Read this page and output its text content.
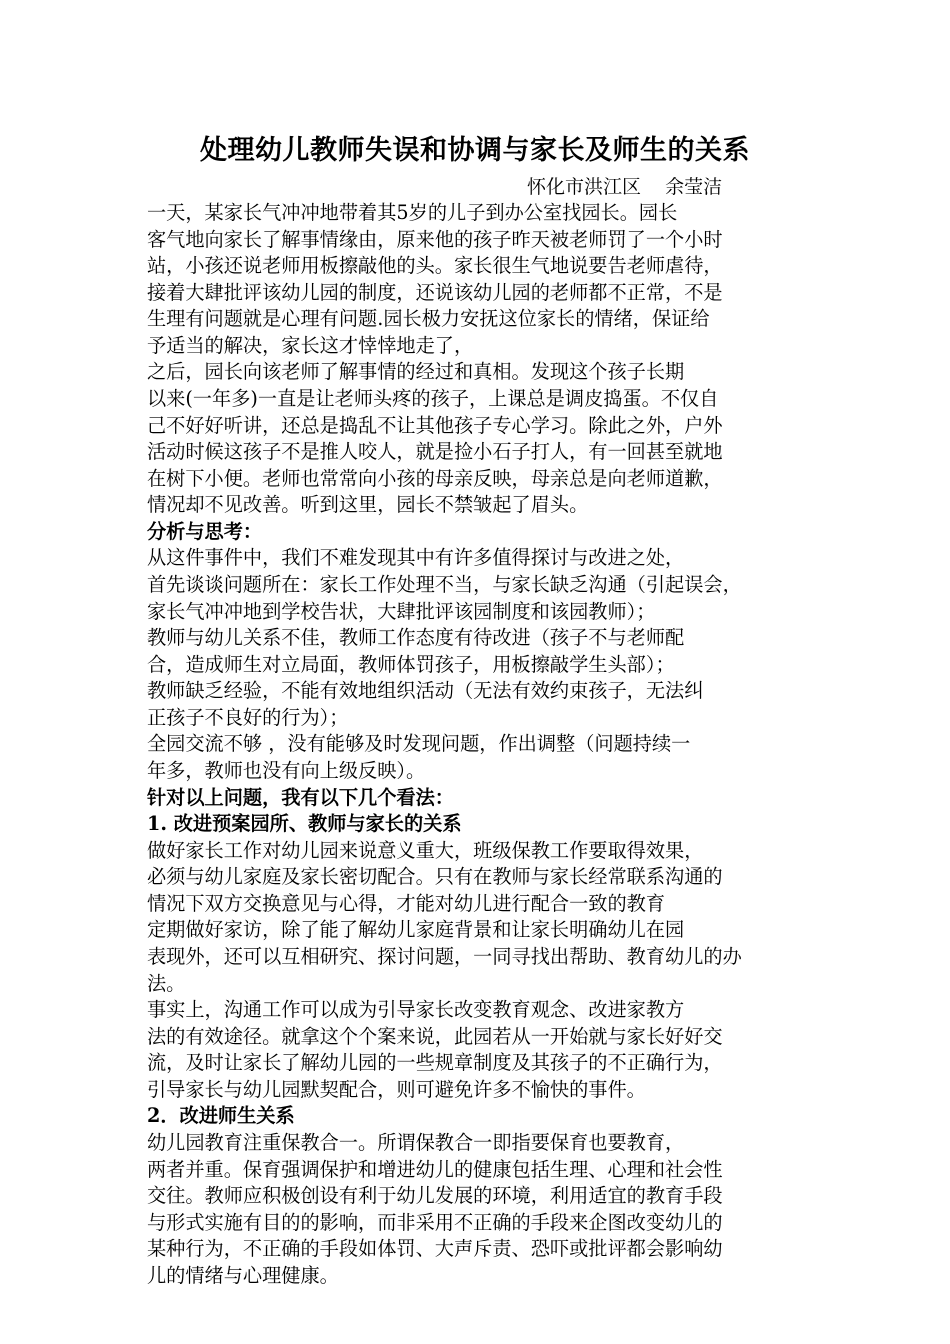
处理幼儿教师失误和协调与家长及师生的关系
怀化市洪江区    余莹洁
一天，某家长气冲冲地带着其5岁的儿子到办公室找园长。园长
客气地向家长了解事情缘由，原来他的孩子昨天被老师罚了一个小时
站，小孩还说老师用板擦敲他的头。家长很生气地说要告老师虐待，
接着大肆批评该幼儿园的制度，还说该幼儿园的老师都不正常，不是
生理有问题就是心理有问题.园长极力安抚这位家长的情绪，保证给
予适当的解决，家长这才悻悻地走了，
之后，园长向该老师了解事情的经过和真相。发现这个孩子长期
以来(一年多)一直是让老师头疼的孩子，上课总是调皮捣蛋。不仅自
己不好好听讲，还总是捣乱不让其他孩子专心学习。除此之外，户外
活动时候这孩子不是推人咬人，就是捡小石子打人，有一回甚至就地
在树下小便。老师也常常向小孩的母亲反映，母亲总是向老师道歉，
情况却不见改善。听到这里，园长不禁皱起了眉头。
分析与思考：
从这件事件中，我们不难发现其中有许多值得探讨与改进之处，
首先谈谈问题所在：家长工作处理不当，与家长缺乏沟通（引起误会，
家长气冲冲地到学校告状，大肆批评该园制度和该园教师）；
教师与幼儿关系不佳，教师工作态度有待改进（孩子不与老师配
合，造成师生对立局面，教师体罚孩子，用板擦敲学生头部）；
教师缺乏经验，不能有效地组织活动（无法有效约束孩子，无法纠
正孩子不良好的行为）；
全园交流不够 ，没有能够及时发现问题，作出调整（问题持续一
年多，教师也没有向上级反映）。
针对以上问题，我有以下几个看法：
1. 改进预案园所、教师与家长的关系
做好家长工作对幼儿园来说意义重大，班级保教工作要取得效果，
必须与幼儿家庭及家长密切配合。只有在教师与家长经常联系沟通的
情况下双方交换意见与心得，才能对幼儿进行配合一致的教育
定期做好家访，除了能了解幼儿家庭背景和让家长明确幼儿在园
表现外，还可以互相研究、探讨问题，一同寻找出帮助、教育幼儿的办
法。
事实上，沟通工作可以成为引导家长改变教育观念、改进家教方
法的有效途径。就拿这个个案来说，此园若从一开始就与家长好好交
流，及时让家长了解幼儿园的一些规章制度及其孩子的不正确行为，
引导家长与幼儿园默契配合，则可避免许多不愉快的事件。
2．改进师生关系
幼儿园教育注重保教合一。所谓保教合一即指要保育也要教育，
两者并重。保育强调保护和增进幼儿的健康包括生理、心理和社会性
交往。教师应积极创设有利于幼儿发展的环境，利用适宜的教育手段
与形式实施有目的的影响，而非采用不正确的手段来企图改变幼儿的
某种行为，不正确的手段如体罚、大声斥责、恐吓或批评都会影响幼
儿的情绪与心理健康。
